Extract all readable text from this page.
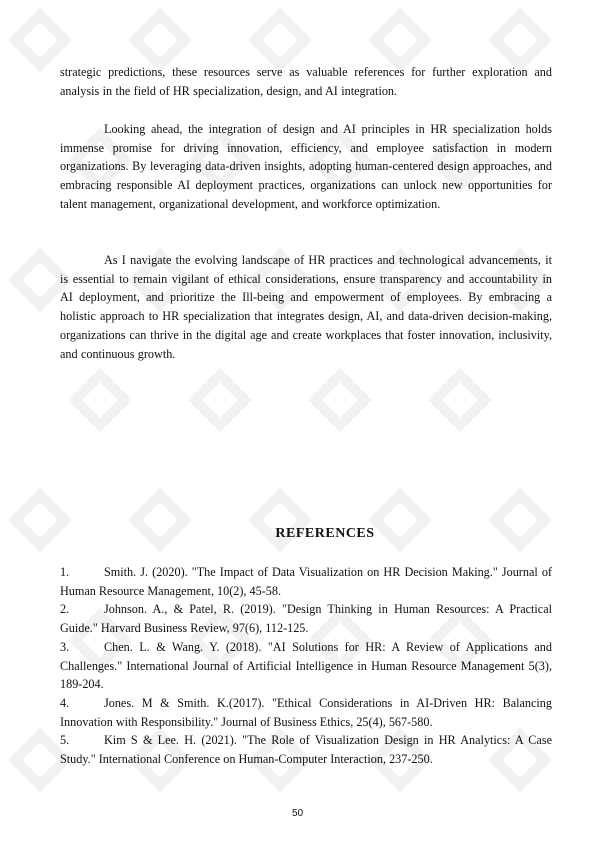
strategic predictions, these resources serve as valuable references for further exploration and analysis in the field of HR specialization, design, and AI integration.

Looking ahead, the integration of design and AI principles in HR specialization holds immense promise for driving innovation, efficiency, and employee satisfaction in modern organizations. By leveraging data-driven insights, adopting human-centered design approaches, and embracing responsible AI deployment practices, organizations can unlock new opportunities for talent management, organizational development, and workforce optimization.

As I navigate the evolving landscape of HR practices and technological advancements, it is essential to remain vigilant of ethical considerations, ensure transparency and accountability in AI deployment, and prioritize the Ill-being and empowerment of employees. By embracing a holistic approach to HR specialization that integrates design, AI, and data-driven decision-making, organizations can thrive in the digital age and create workplaces that foster innovation, inclusivity, and continuous growth.

REFERENCES
1.	Smith. J. (2020). "The Impact of Data Visualization on HR Decision Making." Journal of Human Resource Management, 10(2), 45-58.
2.	Johnson. A., & Patel, R. (2019). "Design Thinking in Human Resources: A Practical Guide." Harvard Business Review, 97(6), 112-125.
3.	Chen. L. & Wang. Y. (2018). "AI Solutions for HR: A Review of Applications and Challenges." International Journal of Artificial Intelligence in Human Resource Management 5(3), 189-204.
4.	Jones. M & Smith. K.(2017). "Ethical Considerations in AI-Driven HR: Balancing Innovation with Responsibility." Journal of Business Ethics, 25(4), 567-580.
5.	Kim S & Lee. H. (2021). "The Role of Visualization Design in HR Analytics: A Case Study." International Conference on Human-Computer Interaction, 237-250.
50
